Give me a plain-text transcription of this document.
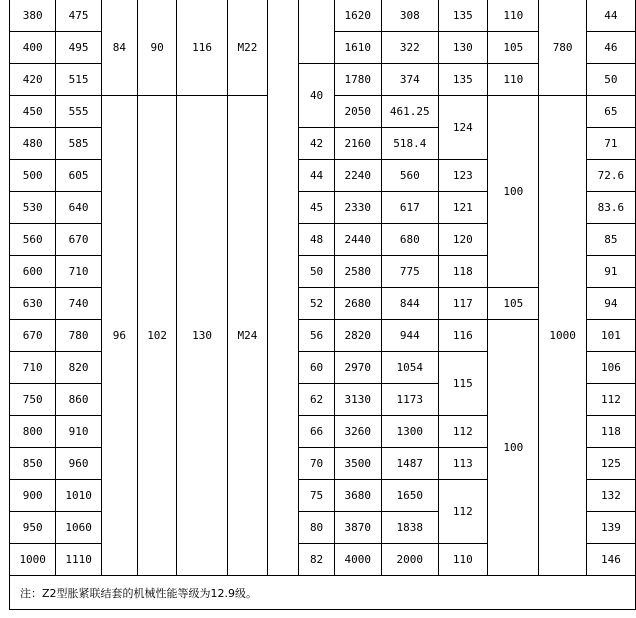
380	475	84	90	116	M22			1620	308	135	110	780	44
400	495							1610	322	130	105		46
420	515						40	1780	374	135	110		50
450	555	96	102	130	M24			2050	461.25	124	100	1000	65
480	585						42	2160	518.4				71
500	605						44	2240	560	123			72.6
530	640						45	2330	617	121			83.6
560	670						48	2440	680	120			85
600	710						50	2580	775	118			91
630	740						52	2680	844	117	105		94
670	780						56	2820	944	116	100		101
710	820						60	2970	1054	115			106
750	860						62	3130	1173				112
800	910						66	3260	1300	112			118
850	960						70	3500	1487	113			125
900	1010						75	3680	1650	112			132
950	1060						80	3870	1838				139
1000	1110						82	4000	2000	110			146
注：Z2型胀紧联结套的机械性能等级为12.9级。													
